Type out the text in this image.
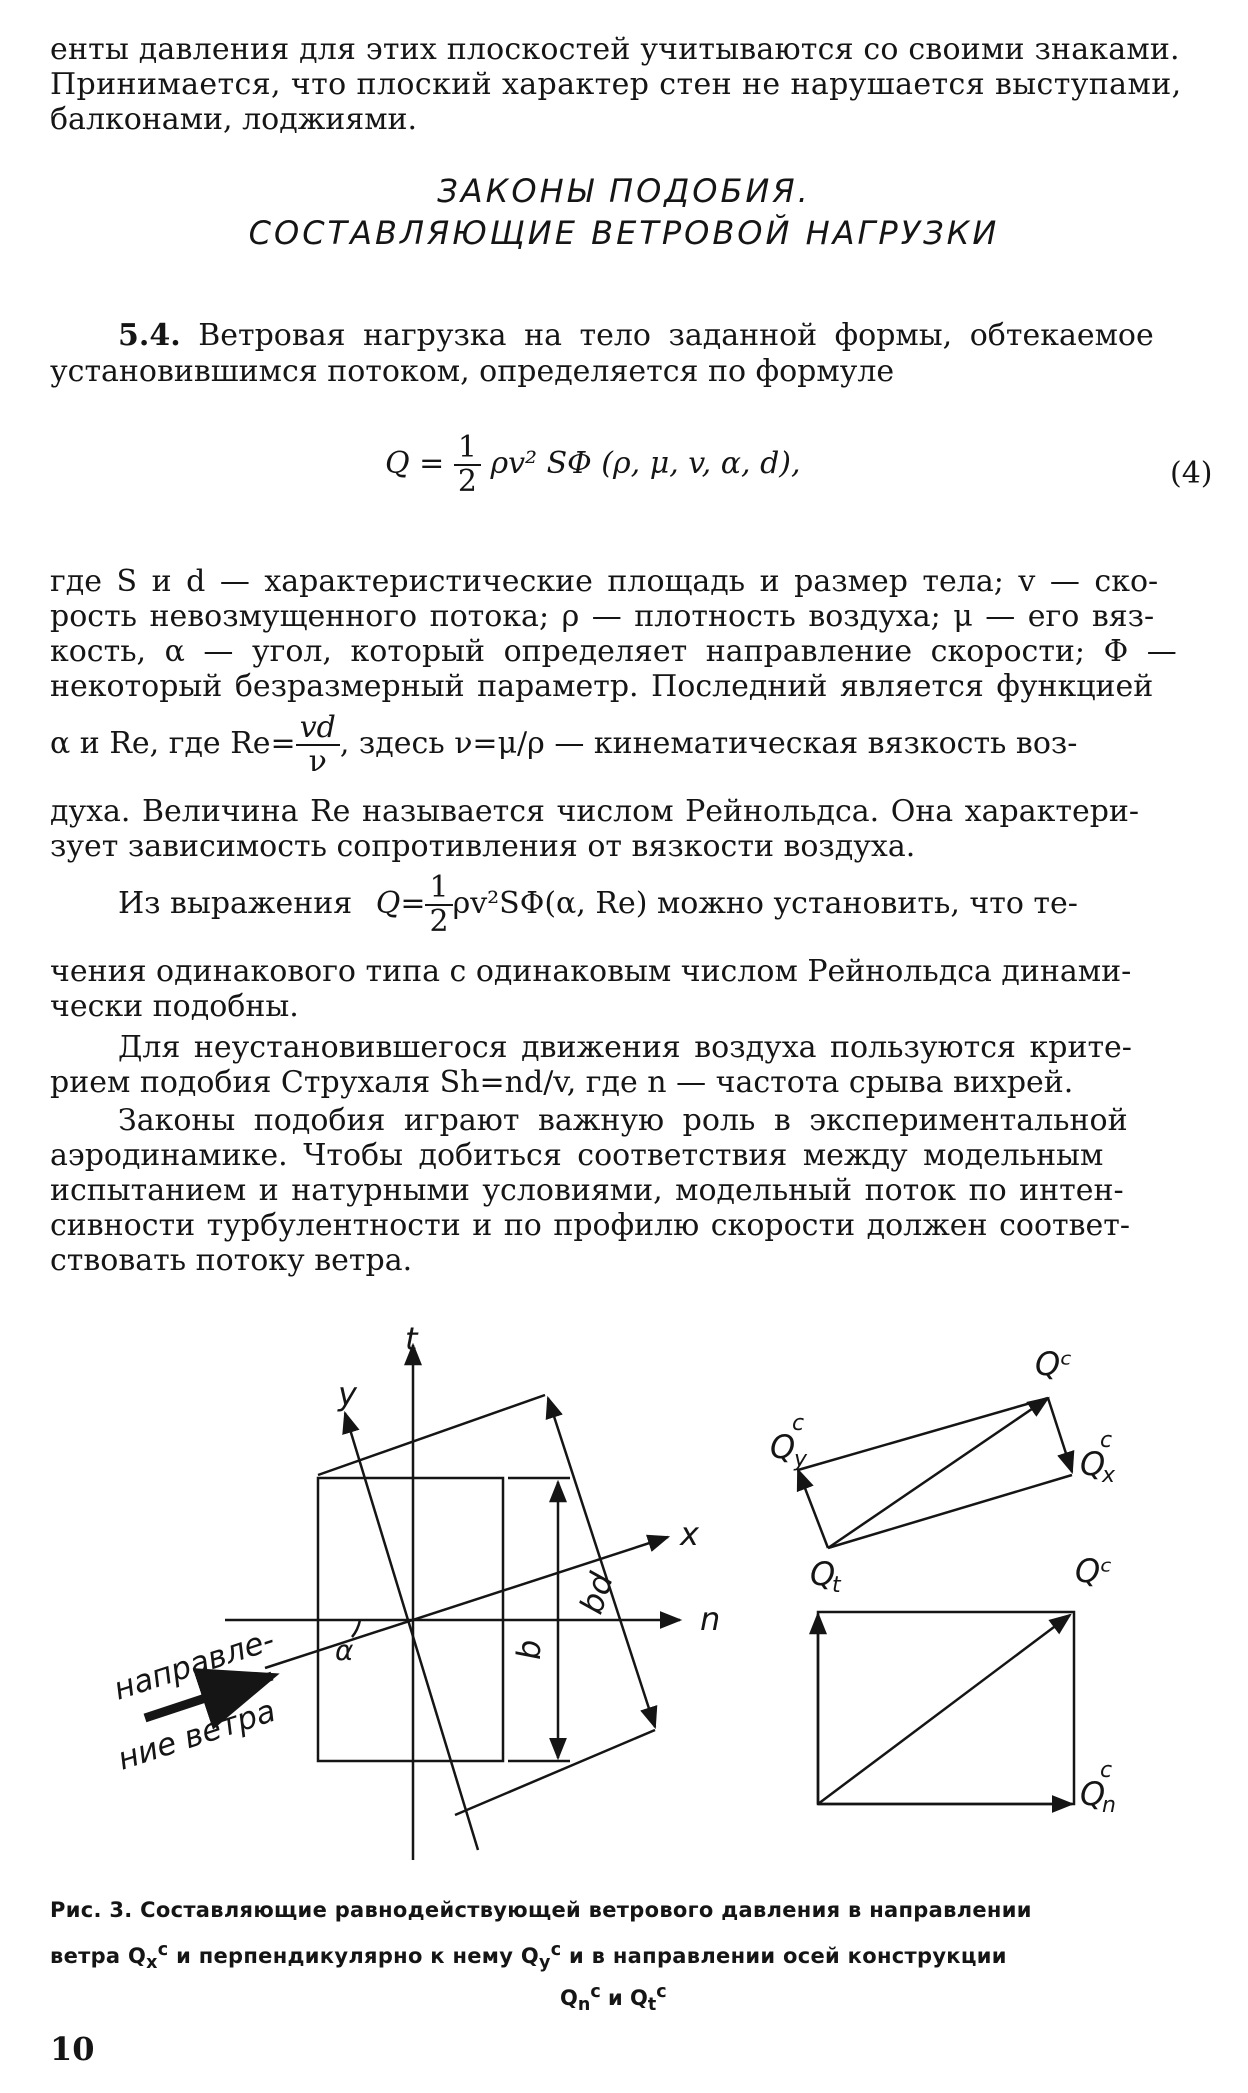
енты давления для этих плоскостей учитываются со своими знаками.
Принимается, что плоский характер стен не нарушается выступами,
балконами, лоджиями.
ЗАКОНЫ ПОДОБИЯ.
СОСТАВЛЯЮЩИЕ ВЕТРОВОЙ НАГРУЗКИ
5.4. Ветровая нагрузка на тело заданной формы, обтекаемое
установившимся потоком, определяется по формуле
$Q = \frac{1}{2} \rho v^2$ SΦ (ρ, μ, v, α, d),	(4)
где S и d — характеристические площадь и размер тела; v — ско-
рость невозмущенного потока; ρ — плотность воздуха; μ — его вяз-
кость, α — угол, который определяет направление скорости; Φ —
некоторый безразмерный параметр. Последний является функцией
α и Re, где $Re= \frac{vd}{\nu}$ , здесь ν=μ/ρ — кинематическая вязкость воз-
духа. Величина Re называется числом Рейнольдса. Она характери-
зует зависимость сопротивления от вязкости воздуха.
Из выражения $Q= \frac{1}{2} \rho v^2S\Phi(\alpha$, Re) можно установить, что те-
чения одинакового типа с одинаковым числом Рейнольдса динами-
чески подобны.
Для неустановившегося движения воздуха пользуются крите-
рием подобия Струхаля Sh=nd/v, где n — частота срыва вихрей.
Законы подобия играют важную роль в экспериментальной
аэродинамике. Чтобы добиться соответствия между модельным
испытанием и натурными условиями, модельный поток по интен-
сивности турбулентности и по профилю скорости должен соответ-
ствовать потоку ветра.
t
y
x
n
α	b
bd
направле-
ние ветра
Qᶜ
Q
c
y	Q
c
x
Q
t	Qᶜ
Q
c
n
Рис. 3. Составляющие равнодействующей ветрового давления в направлении
ветра $Q_x^c$ и перпендикулярно к нему $Q_y^c$ и в направлении осей конструкции
$Q_n^c$ и $Q_t^c$
10
